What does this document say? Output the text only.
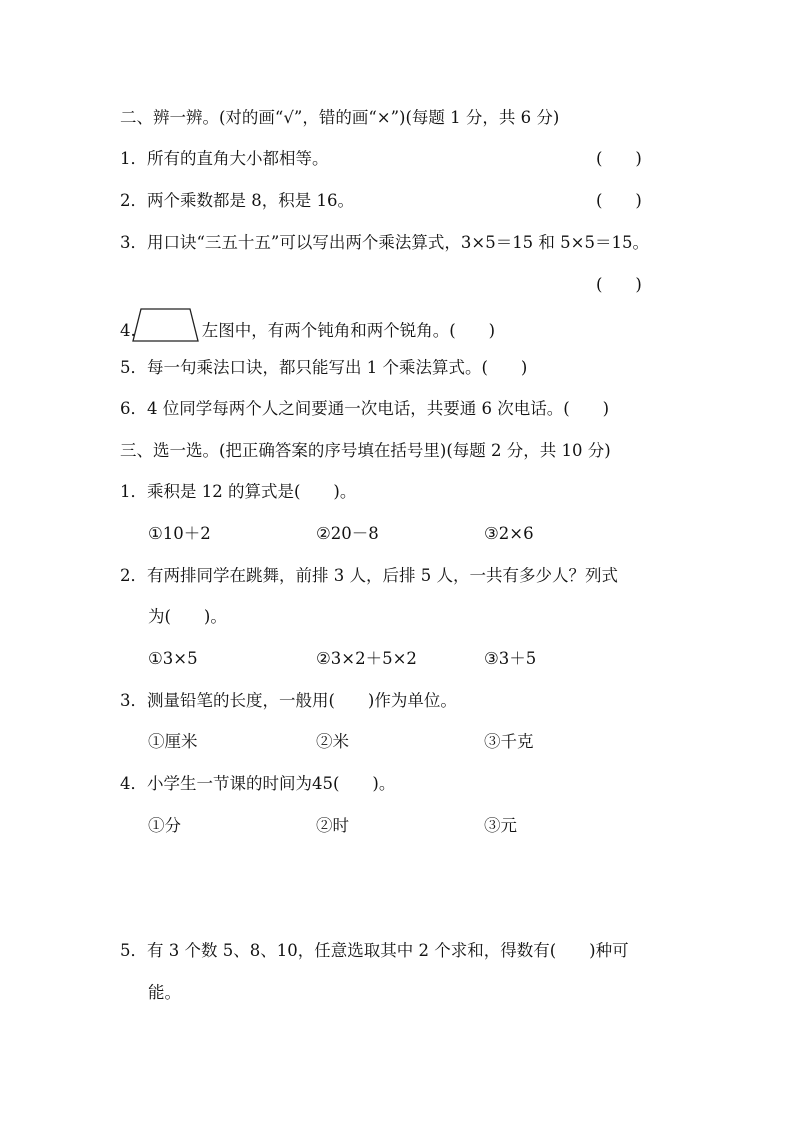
二、辨一辨。(对的画“√”，错的画“×”)(每题 1 分，共 6 分)
1．所有的直角大小都相等。	(　　)
2．两个乘数都是 8，积是 16。	(　　)
3．用口诀“三五十五”可以写出两个乘法算式，3×5＝15 和 5×5＝15。
(　　)
4.	左图中，有两个钝角和两个锐角。(　　)
5．每一句乘法口诀，都只能写出 1 个乘法算式。(　　)
6．4 位同学每两个人之间要通一次电话，共要通 6 次电话。(　　)
三、选一选。(把正确答案的序号填在括号里)(每题 2 分，共 10 分)
1．乘积是 12 的算式是(　　)。
①10＋2	②20－8	③2×6
2．有两排同学在跳舞，前排 3 人，后排 5 人，一共有多少人？列式
为(　　)。
①3×5	②3×2＋5×2	③3＋5
3．测量铅笔的长度，一般用(　　)作为单位。
①厘米	②米	③千克
4．小学生一节课的时间为45(　　)。
①分	②时	③元
5．有 3 个数 5、8、10，任意选取其中 2 个求和，得数有(　　)种可
能。
